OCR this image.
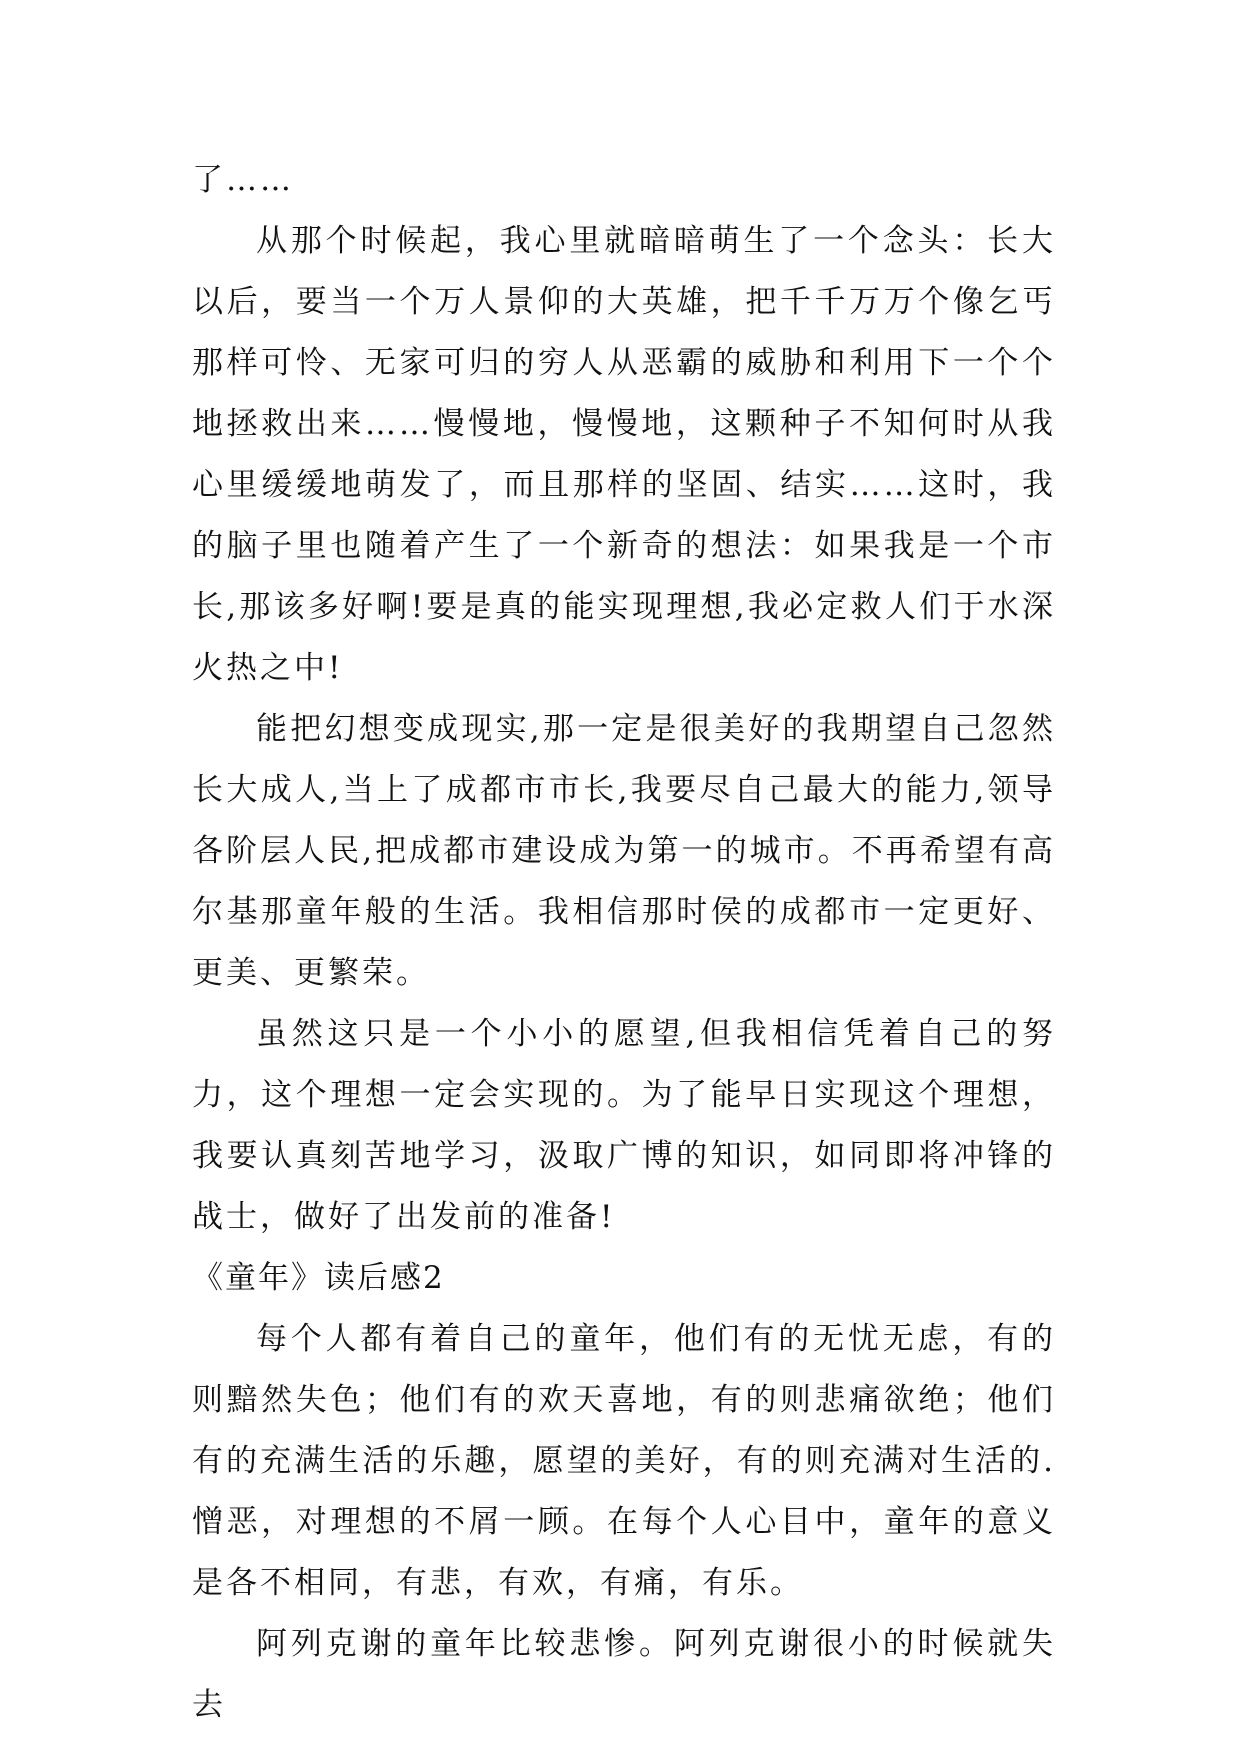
了……

从那个时候起，我心里就暗暗萌生了一个念头：长大以后，要当一个万人景仰的大英雄，把千千万万个像乞丐那样可怜、无家可归的穷人从恶霸的威胁和利用下一个个地拯救出来……慢慢地，慢慢地，这颗种子不知何时从我心里缓缓地萌发了，而且那样的坚固、结实……这时，我的脑子里也随着产生了一个新奇的想法：如果我是一个市长,那该多好啊!要是真的能实现理想,我必定救人们于水深火热之中!

能把幻想变成现实,那一定是很美好的我期望自己忽然长大成人,当上了成都市市长,我要尽自己最大的能力,领导各阶层人民,把成都市建设成为第一的城市。不再希望有高尔基那童年般的生活。我相信那时侯的成都市一定更好、更美、更繁荣。

虽然这只是一个小小的愿望,但我相信凭着自己的努力，这个理想一定会实现的。为了能早日实现这个理想，我要认真刻苦地学习，汲取广博的知识，如同即将冲锋的战士，做好了出发前的准备!

《童年》读后感2

每个人都有着自己的童年，他们有的无忧无虑，有的则黯然失色；他们有的欢天喜地，有的则悲痛欲绝；他们有的充满生活的乐趣，愿望的美好，有的则充满对生活的.憎恶，对理想的不屑一顾。在每个人心目中，童年的意义是各不相同，有悲，有欢，有痛，有乐。

阿列克谢的童年比较悲惨。阿列克谢很小的时候就失去
